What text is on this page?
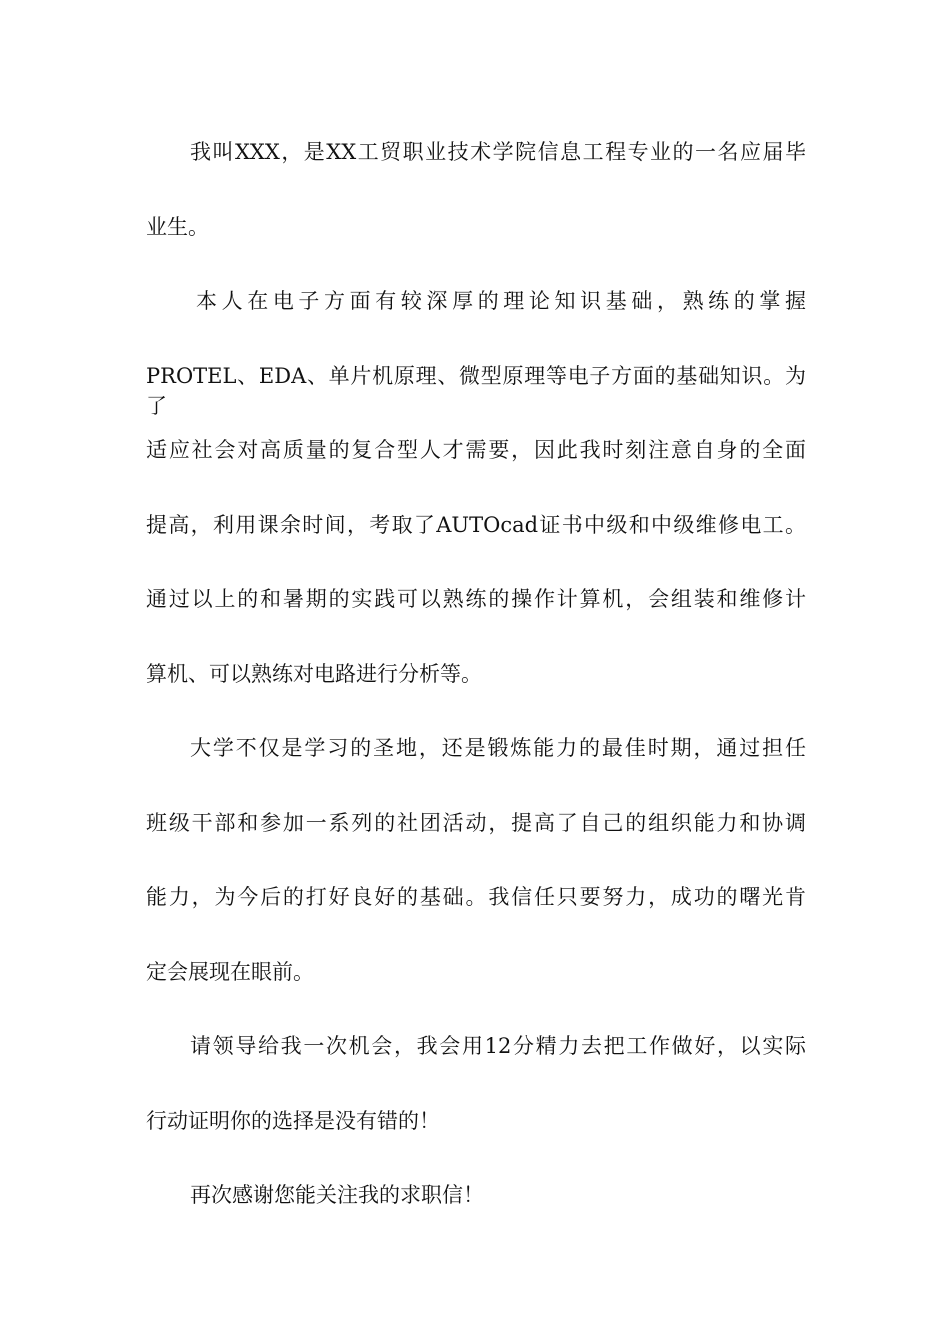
我叫XXX，是XX工贸职业技术学院信息工程专业的一名应届毕
业生。
本人在电子方面有较深厚的理论知识基础，熟练的掌握
PROTEL、EDA、单片机原理、微型原理等电子方面的基础知识。为了
适应社会对高质量的复合型人才需要，因此我时刻注意自身的全面
提高，利用课余时间，考取了AUTOcad证书中级和中级维修电工。
通过以上的和暑期的实践可以熟练的操作计算机，会组装和维修计
算机、可以熟练对电路进行分析等。
大学不仅是学习的圣地，还是锻炼能力的最佳时期，通过担任
班级干部和参加一系列的社团活动，提高了自己的组织能力和协调
能力，为今后的打好良好的基础。我信任只要努力，成功的曙光肯
定会展现在眼前。
请领导给我一次机会，我会用12分精力去把工作做好，以实际
行动证明你的选择是没有错的！
再次感谢您能关注我的求职信！
